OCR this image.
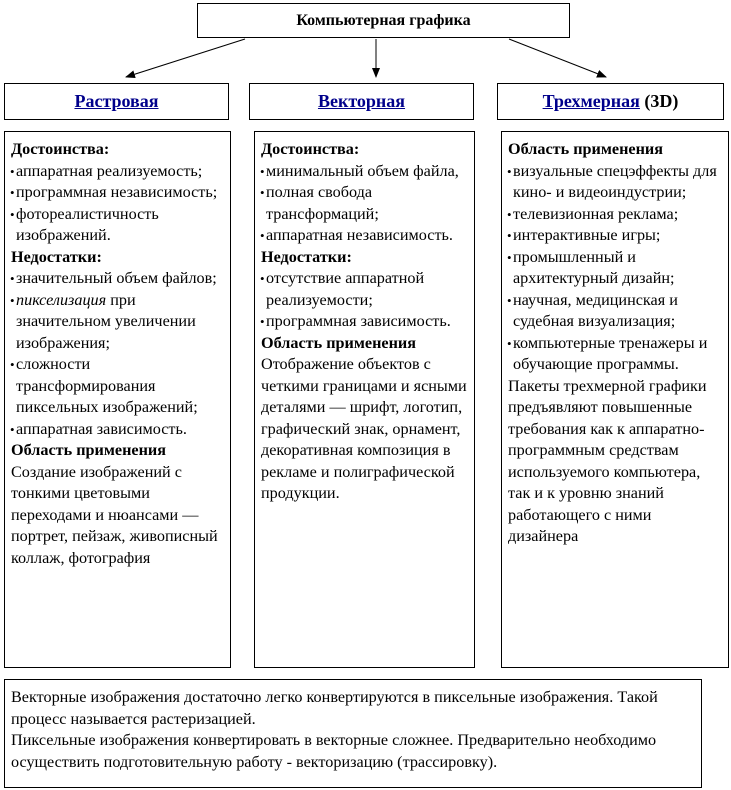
Компьютерная графика
Растровая	Векторная	Трехмерная (3D)
Достоинства:
• аппаратная реализуемость;
• программная независимость;
• фотореалистичность изображений.
Недостатки:
• значительный объем файлов;
• пикселизация при значительном увеличении изображения;
• сложности трансформирования пиксельных изображений;
• аппаратная зависимость.
Область применения
Создание изображений с тонкими цветовыми переходами и нюансами — портрет, пейзаж, живописный коллаж, фотография
Достоинства:
• минимальный объем файла,
• полная свобода трансформаций;
• аппаратная независимость.
Недостатки:
• отсутствие аппаратной реализуемости;
• программная зависимость.
Область применения
Отображение объектов с четкими границами и ясными деталями — шрифт, логотип, графический знак, орнамент, декоративная композиция в рекламе и полиграфической продукции.
Область применения
• визуальные спецэффекты для кино- и видеоиндустрии;
• телевизионная реклама;
• интерактивные игры;
• промышленный и архитектурный дизайн;
• научная, медицинская и судебная визуализация;
• компьютерные тренажеры и обучающие программы.
Пакеты трехмерной графики предъявляют повышенные требования как к аппаратно-программным средствам используемого компьютера, так и к уровню знаний работающего с ними дизайнера

Векторные изображения достаточно легко конвертируются в пиксельные изображения. Такой процесс называется растеризацией.

Пиксельные изображения конвертировать в векторные сложнее. Предварительно необходимо осуществить подготовительную работу - векторизацию (трассировку).
